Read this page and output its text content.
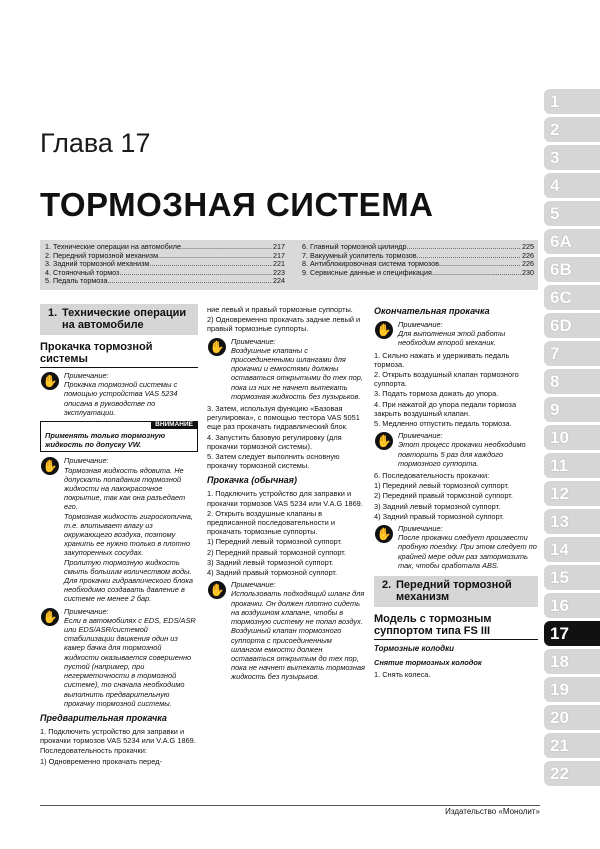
Глава 17
ТОРМОЗНАЯ СИСТЕМА
1. Технические операции на автомобиле .....	217
2. Передний тормозной механизм .....	217
3. Задний тормозной механизм .....	221
4. Стояночный тормоз .....	223
5. Педаль тормоза .....	224
6. Главный тормозной цилиндр .....	225
7. Вакуумный усилитель тормозов .....	226
8. Антиблокировочная система тормозов .....	226
9. Сервисные данные и спецификация .....	230
1
2
3
4
5
6A
6B
6C
6D
7
8
9
10
11
12
13
14
15
16
17
18
19
20
21
22
1. Технические операции на автомобиле
Прокачка тормозной системы
✋ Примечание:

Прокачка тормозной системы с помощью устройства VAS 5234 описана в руководстве по эксплуатации.

ВНИМАНИЕ
Применять только тормозную жидкость по допуску VW.
✋ Примечание:

Тормозная жидкость ядовита. Не допускать попадания тормозной жидкости на лакокрасочное покрытие, так как она разъедает его.

Тормозная жидкость гигроскопична, т.е. впитывает влагу из окружающего воздуха, поэтому хранить ее нужно только в плотно закупоренных сосудах.

Пролитую тормозную жидкость смыть большим количеством воды.

Для прокачки гидравлического блока необходимо создавать давление в системе не менее 2 бар.

✋ Примечание:

Если в автомобилях с EDS, EDS/ASR или EDS/ASR/системой стабилизации движения один из камер бачка для тормозной жидкости оказывается совершенно пустой (например, при негерметичности в тормозной системе), то сначала необходимо выполнить предварительную прокачку тормозной системы.

Предварительная прокачка

1. Подключить устройство для заправки и прокачки тормозов VAS 5234 или V.A.G 1869.

Последовательность прокачки:

1) Одновременно прокачать перед-

ние левый и правый тормозные суппорты.

2) Одновременно прокачать задние левый и правый тормозные суппорты.

✋ Примечание:

Воздушные клапаны с присоединенными шлангами для прокачки и емкостями должны оставаться открытыми до тех пор, пока из них не начнет вытекать тормозная жидкость без пузырьков.

3. Затем, используя функцию «Базовая регулировка», с помощью тестора VAS 5051 еще раз прокачать гидравлический блок.

4. Запустить базовую регулировку (для прокачки тормозной системы).

5. Затем следует выполнить основную прокачку тормозной системы.

Прокачка (обычная)

1. Подключить устройство для заправки и прокачки тормозов VAS 5234 или V.A.G 1869.

2. Открыть воздушные клапаны в предписанной последовательности и прокачать тормозные суппорты.

1) Передний левый тормозной суппорт.

2) Передний правый тормозной суппорт.

3) Задний левый тормозной суппорт.

4) Задний правый тормозной суппорт.

✋ Примечание:

Использовать подходящий шланг для прокачки. Он должен плотно сидеть на воздушном клапане, чтобы в тормозную систему не попал воздух.

Воздушный клапан тормозного суппорта с присоединенным шлангом емкости должен оставаться открытым до тех пор, пока не начнет вытекать тормозная жидкость без пузырьков.

Окончательная прокачка
✋ Примечание:

Для выполнения этой работы необходим второй механик.

1. Сильно нажать и удерживать педаль тормоза.

2. Открыть воздушный клапан тормозного суппорта.

3. Подать тормоза дожать до упора.

4. При нажатой до упора педали тормоза закрыть воздушный клапан.

5. Медленно отпустить педаль тормоза.

✋ Примечание:

Этот процесс прокачки необходимо повторить 5 раз для каждого тормозного суппорта.

6. Последовательность прокачки:

1) Передний левый тормозной суппорт.

2) Передний правый тормозной суппорт.

3) Задний левый тормозной суппорт.

4) Задний правый тормозной суппорт.

✋ Примечание:

После прокачки следует произвести пробную поездку. При этом следует по крайней мере один раз затормозить так, чтобы сработала ABS.

2. Передний тормозной механизм
Модель с тормозным суппортом типа FS III
Тормозные колодки
Снятие тормозных колодок

1. Снять колеса.

Издательство «Монолит»
